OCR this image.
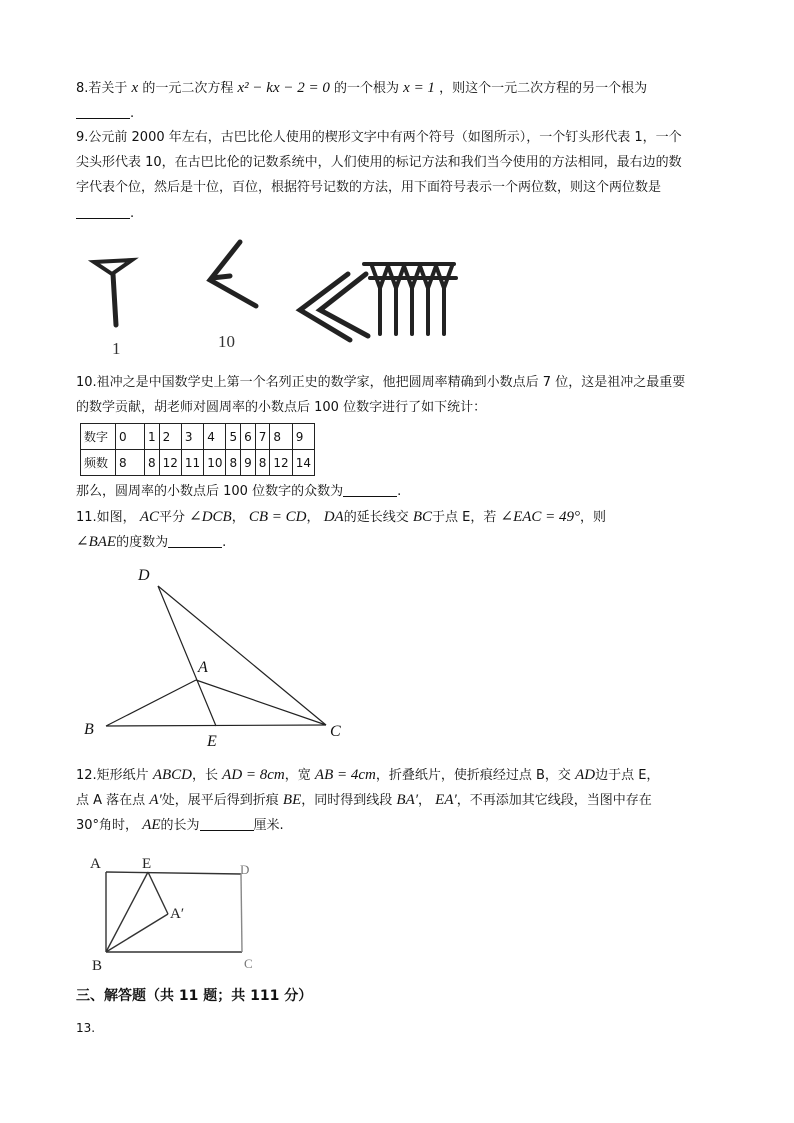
8.若关于 x 的一元二次方程 x² − kx − 2 = 0 的一个根为 x = 1 ，则这个一元二次方程的另一个根为
.
9.公元前 2000 年左右，古巴比伦人使用的楔形文字中有两个符号（如图所示），一个钉头形代表 1，一个
尖头形代表 10，在古巴比伦的记数系统中，人们使用的标记方法和我们当今使用的方法相同，最右边的数
字代表个位，然后是十位，百位，根据符号记数的方法，用下面符号表示一个两位数，则这个两位数是
.
1	10
10.祖冲之是中国数学史上第一个名列正史的数学家，他把圆周率精确到小数点后 7 位，这是祖冲之最重要
的数学贡献，胡老师对圆周率的小数点后 100 位数字进行了如下统计：
数字	0	1	2	3	4	5	6	7	8	9
频数	8	8	12	11	10	8	9	8	12	14
那么，圆周率的小数点后 100 位数字的众数为	.
11.如图， AC平分 ∠DCB， CB = CD， DA的延长线交 BC于点 E，若 ∠EAC = 49°，则
∠BAE的度数为	.
D
A
B
E
C
12.矩形纸片 ABCD，长 AD = 8cm，宽 AB = 4cm，折叠纸片，使折痕经过点 B，交 AD边于点 E，
点 A 落在点 A′处，展平后得到折痕 BE，同时得到线段 BA′， EA′，不再添加其它线段，当图中存在
30°角时， AE的长为	厘米.
A	E	D
A′
B	C
三、解答题（共 11 题；共 111 分）
13.
